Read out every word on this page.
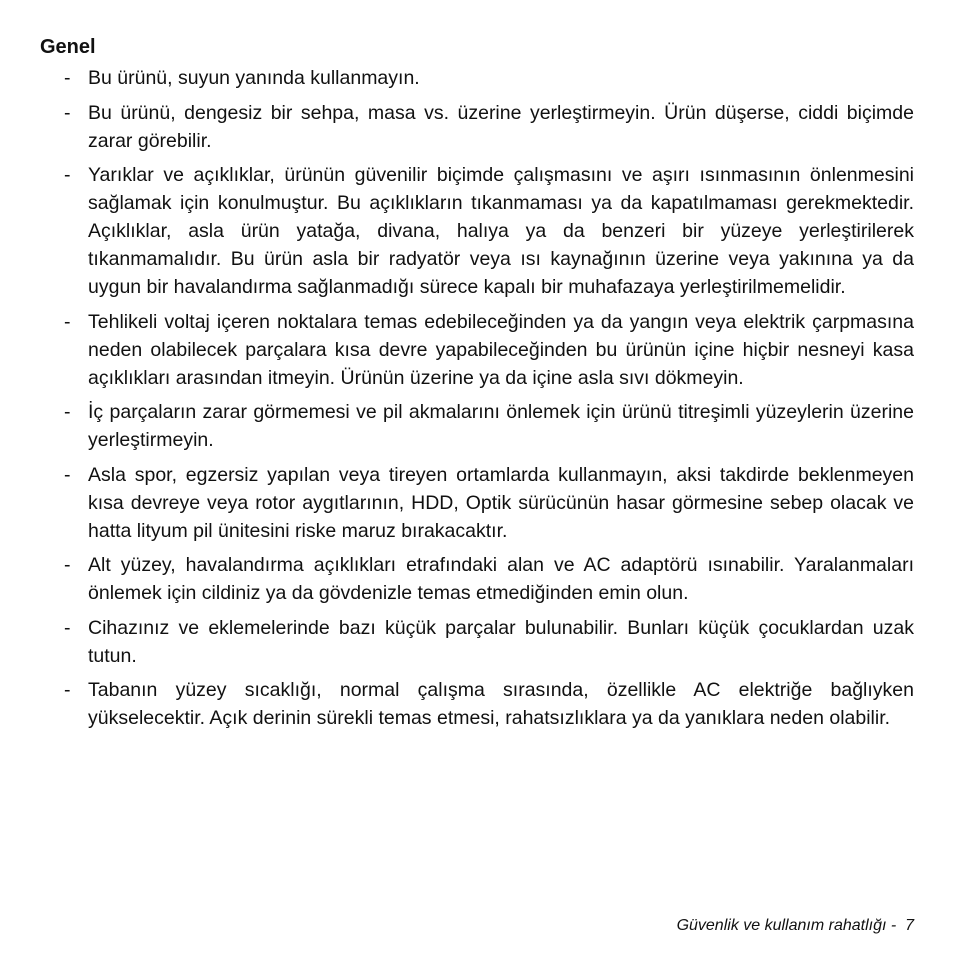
Genel
- Bu ürünü, suyun yanında kullanmayın.
- Bu ürünü, dengesiz bir sehpa, masa vs. üzerine yerleştirmeyin. Ürün düşerse, ciddi biçimde zarar görebilir.
- Yarıklar ve açıklıklar, ürünün güvenilir biçimde çalışmasını ve aşırı ısınmasının önlenmesini sağlamak için konulmuştur. Bu açıklıkların tıkanmaması ya da kapatılmaması gerekmektedir. Açıklıklar, asla ürün yatağa, divana, halıya ya da benzeri bir yüzeye yerleştirilerek tıkanmamalıdır. Bu ürün asla bir radyatör veya ısı kaynağının üzerine veya yakınına ya da uygun bir havalandırma sağlanmadığı sürece kapalı bir muhafazaya yerleştirilmemelidir.
- Tehlikeli voltaj içeren noktalara temas edebileceğinden ya da yangın veya elektrik çarpmasına neden olabilecek parçalara kısa devre yapabileceğinden bu ürünün içine hiçbir nesneyi kasa açıklıkları arasından itmeyin. Ürünün üzerine ya da içine asla sıvı dökmeyin.
- İç parçaların zarar görmemesi ve pil akmalarını önlemek için ürünü titreşimli yüzeylerin üzerine yerleştirmeyin.
- Asla spor, egzersiz yapılan veya tireyen ortamlarda kullanmayın, aksi takdirde beklenmeyen kısa devreye veya rotor aygıtlarının, HDD, Optik sürücünün hasar görmesine sebep olacak ve hatta lityum pil ünitesini riske maruz bırakacaktır.
- Alt yüzey, havalandırma açıklıkları etrafındaki alan ve AC adaptörü ısınabilir. Yaralanmaları önlemek için cildiniz ya da gövdenizle temas etmediğinden emin olun.
- Cihazınız ve eklemelerinde bazı küçük parçalar bulunabilir. Bunları küçük çocuklardan uzak tutun.
- Tabanın yüzey sıcaklığı, normal çalışma sırasında, özellikle AC elektriğe bağlıyken yükselecektir. Açık derinin sürekli temas etmesi, rahatsızlıklara ya da yanıklara neden olabilir.
Güvenlik ve kullanım rahatlığı -  7
